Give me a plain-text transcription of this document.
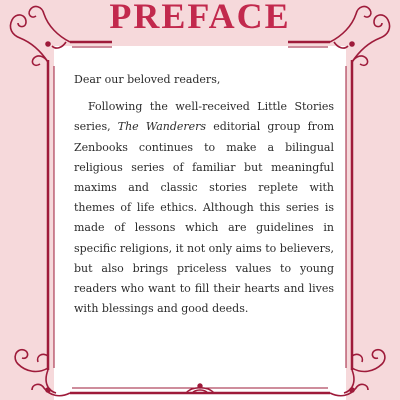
PREFACE

Dear our beloved readers,

Following the well-received Little Stories series, The Wanderers editorial group from Zenbooks continues to make a bilingual religious series of familiar but meaningful maxims and classic stories replete with themes of life ethics. Although this series is made of lessons which are guidelines in specific religions, it not only aims to believers, but also brings priceless values to young readers who want to fill their hearts and lives with blessings and good deeds.
